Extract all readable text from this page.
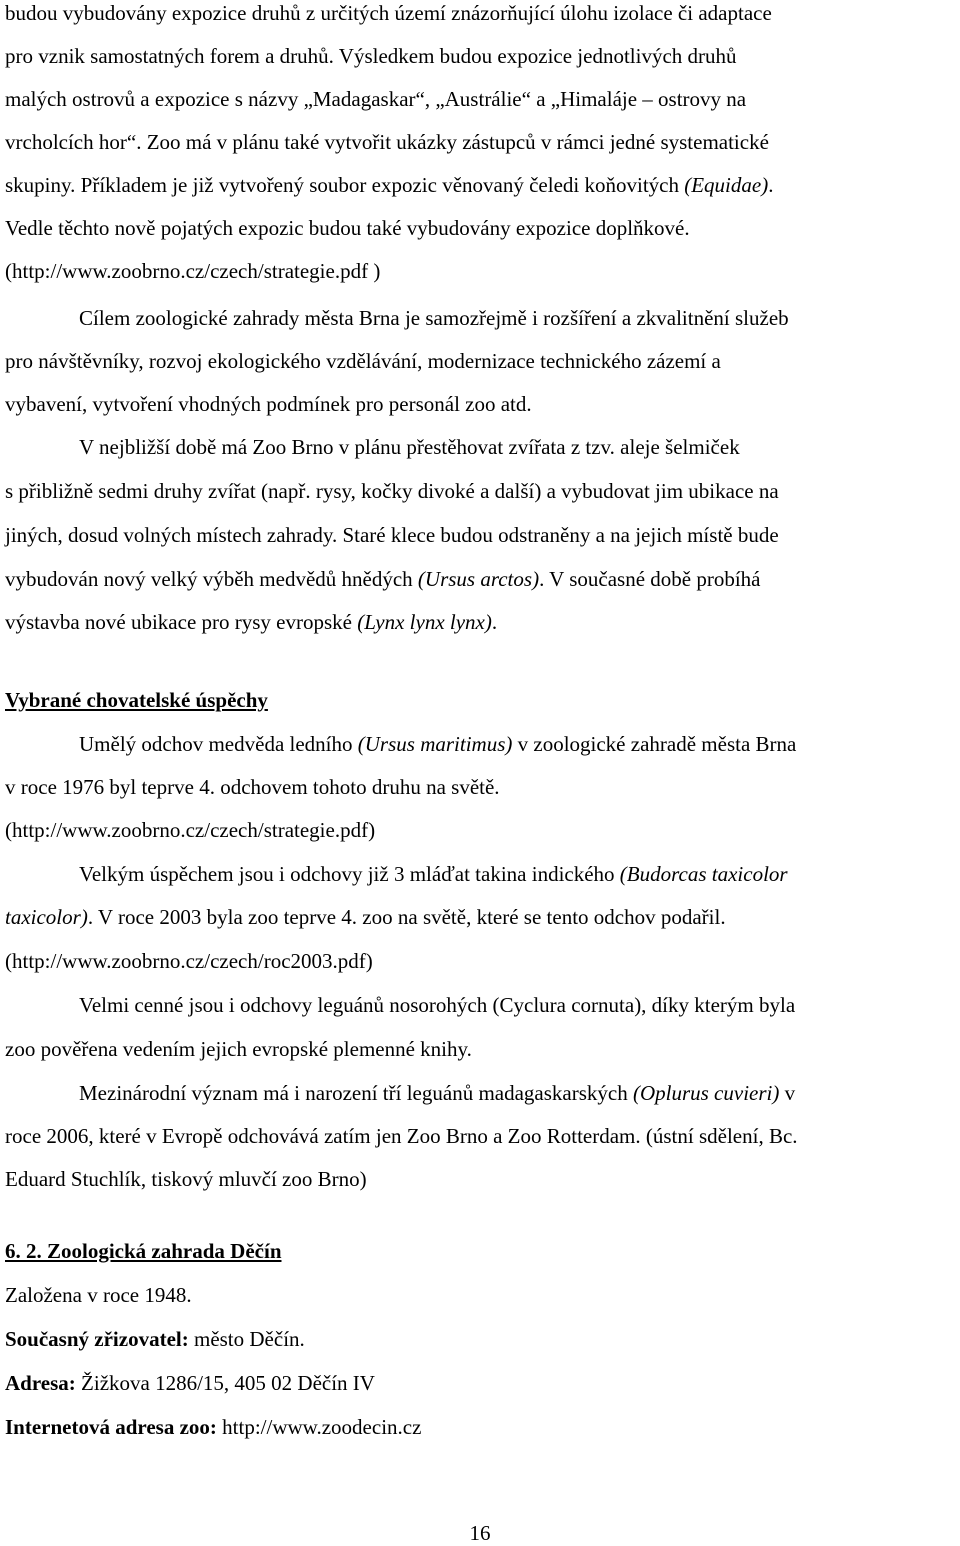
budou vybudovány expozice druhů z určitých území znázorňující úlohu izolace či adaptace

pro vznik samostatných forem a druhů. Výsledkem budou expozice jednotlivých druhů

malých ostrovů a expozice s názvy „Madagaskar“, „Austrálie“ a „Himaláje – ostrovy na

vrcholcích hor“. Zoo má v plánu také vytvořit ukázky zástupců v rámci jedné systematické

skupiny. Příkladem je již vytvořený soubor expozic věnovaný čeledi koňovitých (Equidae).

Vedle těchto nově pojatých expozic budou také vybudovány expozice doplňkové.

(http://www.zoobrno.cz/czech/strategie.pdf )

Cílem zoologické zahrady města Brna je samozřejmě i rozšíření a zkvalitnění služeb

pro návštěvníky, rozvoj ekologického vzdělávání, modernizace technického zázemí a

vybavení, vytvoření vhodných podmínek pro personál zoo atd.

V nejbližší době má Zoo Brno v plánu přestěhovat zvířata z tzv. aleje šelmiček

s přibližně sedmi druhy zvířat (např. rysy, kočky divoké a další) a vybudovat jim ubikace na

jiných, dosud volných místech zahrady. Staré klece budou odstraněny a na jejich místě bude

vybudován nový velký výběh medvědů hnědých (Ursus arctos). V současné době probíhá

výstavba nové ubikace pro rysy evropské (Lynx lynx lynx).

Vybrané chovatelské úspěchy

Umělý odchov medvěda ledního (Ursus maritimus) v zoologické zahradě města Brna

v roce 1976 byl teprve 4. odchovem tohoto druhu na světě.

(http://www.zoobrno.cz/czech/strategie.pdf)

Velkým úspěchem jsou i odchovy již 3 mláďat takina indického (Budorcas taxicolor

taxicolor). V roce 2003 byla zoo teprve 4. zoo na světě, které se tento odchov podařil.

(http://www.zoobrno.cz/czech/roc2003.pdf)

Velmi cenné jsou i odchovy leguánů nosorohých (Cyclura cornuta), díky kterým byla

zoo pověřena vedením jejich evropské plemenné knihy.

Mezinárodní význam má i narození tří leguánů madagaskarských (Oplurus cuvieri) v

roce 2006, které v Evropě odchovává zatím jen Zoo Brno a Zoo Rotterdam. (ústní sdělení, Bc.

Eduard Stuchlík, tiskový mluvčí zoo Brno)

6. 2. Zoologická zahrada Děčín

Založena v roce 1948.

Současný zřizovatel: město Děčín.

Adresa: Žižkova 1286/15, 405 02 Děčín IV

Internetová adresa zoo: http://www.zoodecin.cz

16
